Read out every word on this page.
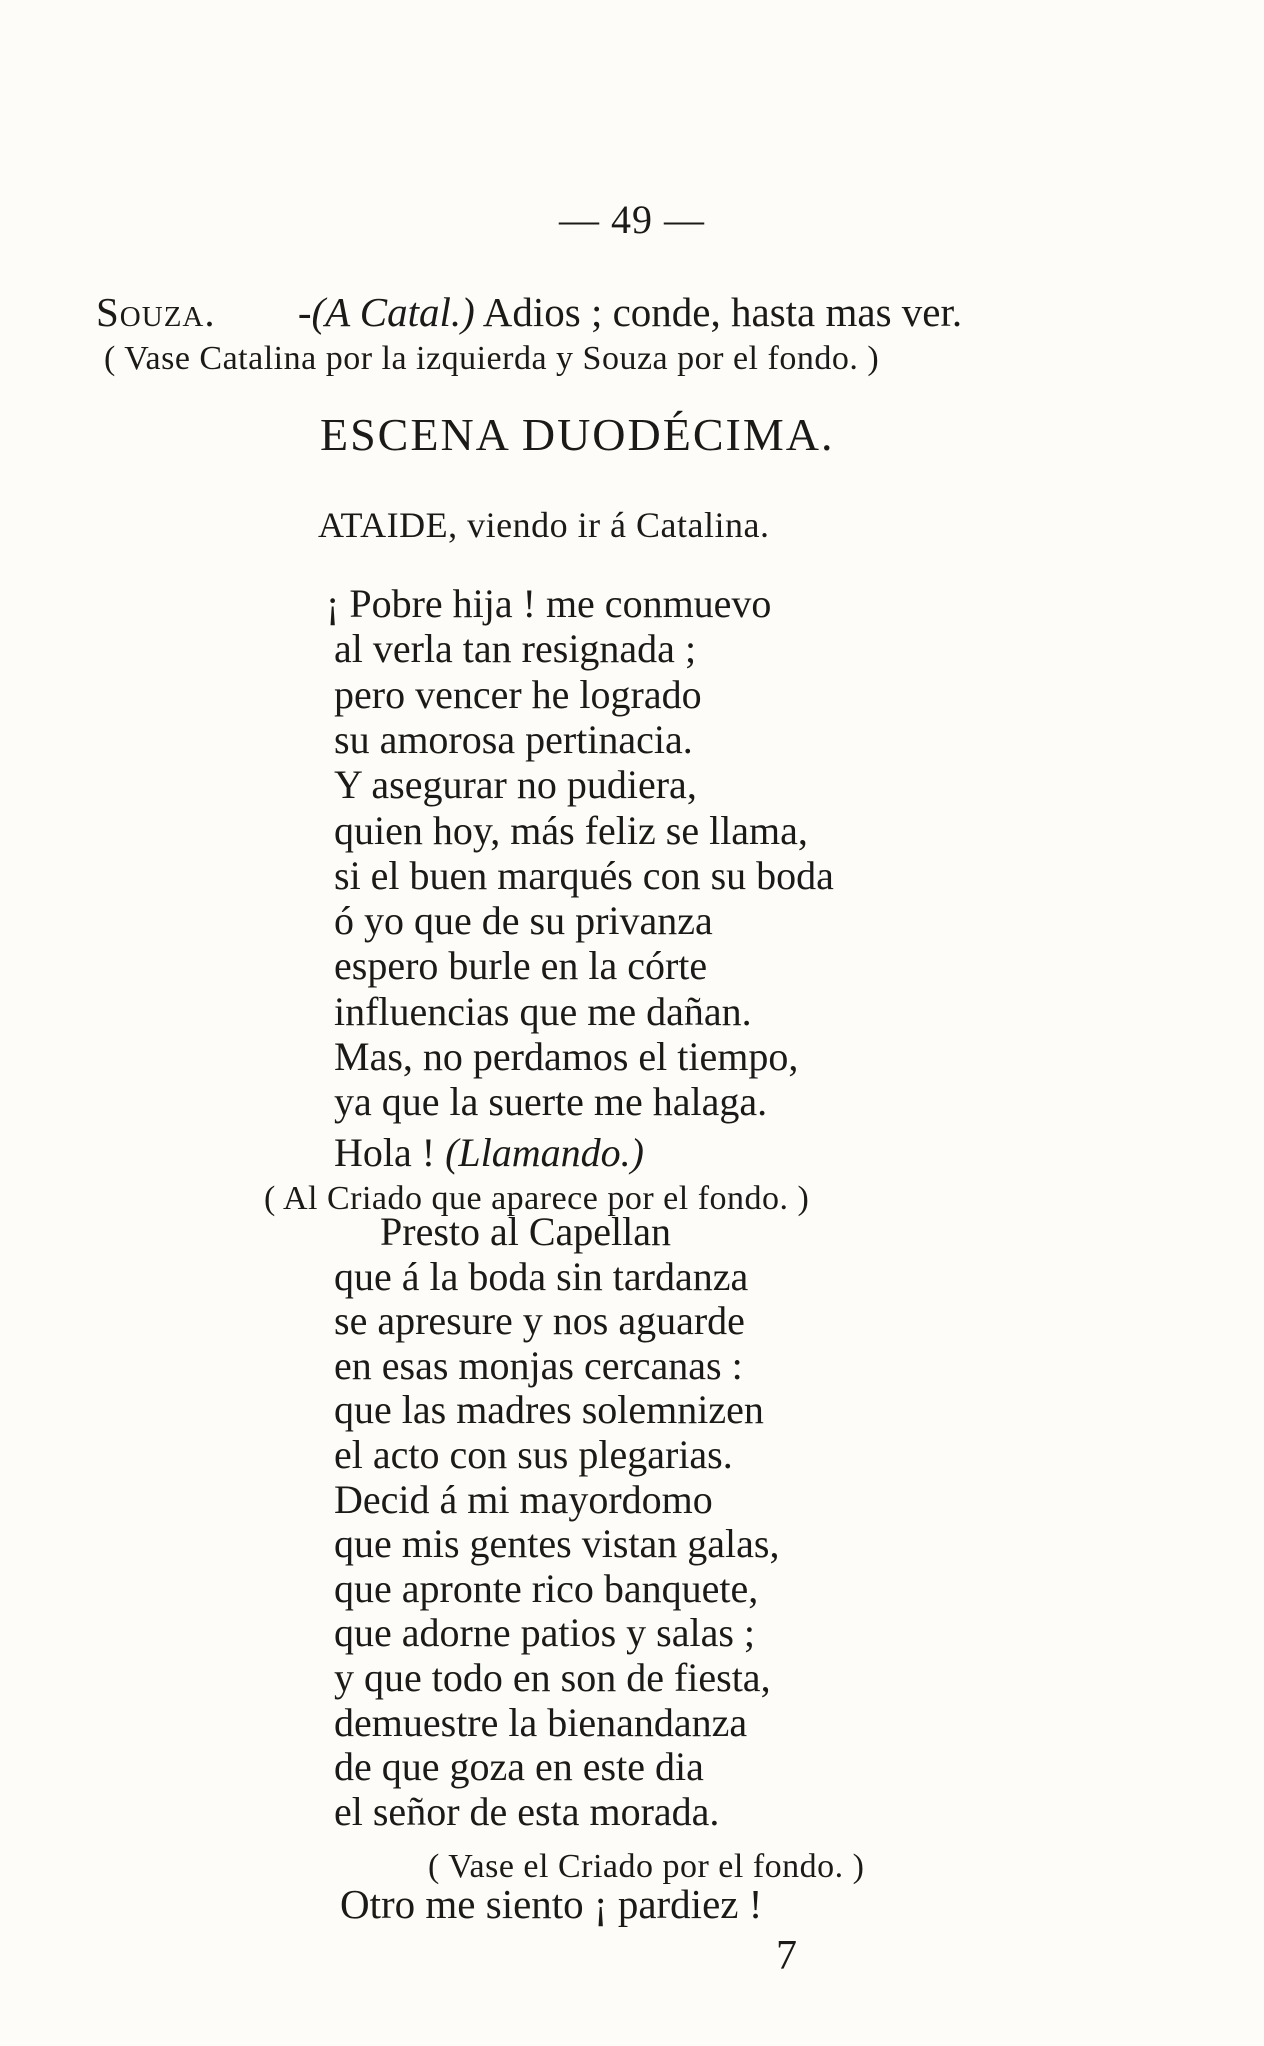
— 49 —
Souza. -(A Catal.) Adios ; conde, hasta mas ver.
( Vase Catalina por la izquierda y Souza por el fondo. )
ESCENA DUODÉCIMA.
ATAIDE, viendo ir á Catalina.
¡ Pobre hija ! me conmuevo
al verla tan resignada ;
pero vencer he logrado
su amorosa pertinacia.
Y asegurar no pudiera,
quien hoy, más feliz se llama,
si el buen marqués con su boda
ó yo que de su privanza
espero burle en la córte
influencias que me dañan.
Mas, no perdamos el tiempo,
ya que la suerte me halaga.
Hola ! (Llamando.)
( Al Criado que aparece por el fondo. )
Presto al Capellan
que á la boda sin tardanza
se apresure y nos aguarde
en esas monjas cercanas :
que las madres solemnizen
el acto con sus plegarias.
Decid á mi mayordomo
que mis gentes vistan galas,
que apronte rico banquete,
que adorne patios y salas ;
y que todo en son de fiesta,
demuestre la bienandanza
de que goza en este dia
el señor de esta morada.
( Vase el Criado por el fondo. )
Otro me siento ¡ pardiez !
7
